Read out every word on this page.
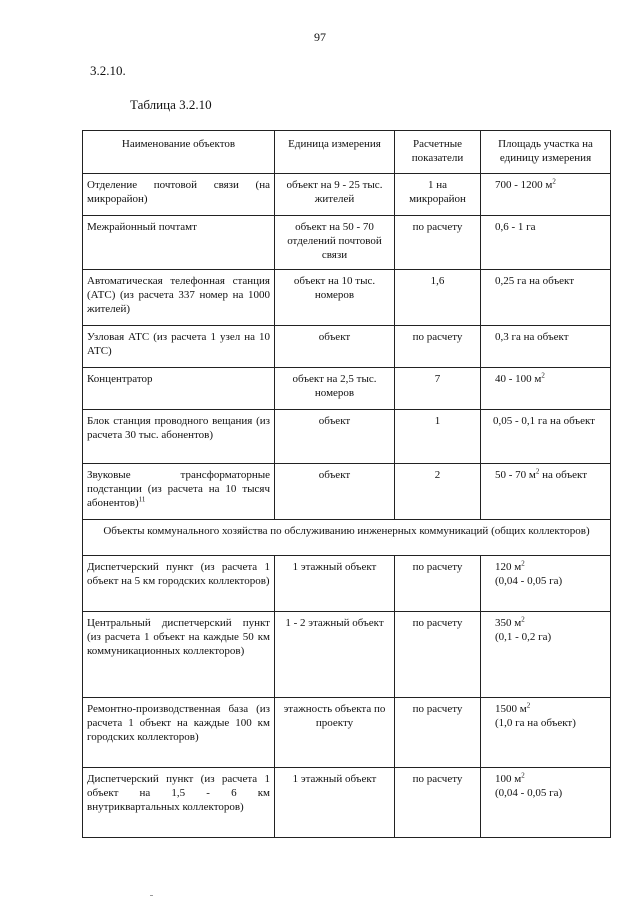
97
3.2.10.
Таблица 3.2.10
Наименование объектов	Единица измерения	Расчетные показатели	Площадь участка на единицу измерения
Отделение почтовой связи (на микрорайон)	объект на 9 - 25 тыс. жителей	1 на микрорайон	700 - 1200 $м^2$
Межрайонный почтамт	объект на 50 - 70 отделений почтовой связи	по расчету	0,6 - 1 га
Автоматическая телефонная станция (АТС) (из расчета 337 номер на 1000 жителей)	объект на 10 тыс. номеров	1,6	0,25 га на объект
Узловая АТС (из расчета 1 узел на 10 АТС)	объект	по расчету	0,3 га на объект
Концентратор	объект на 2,5 тыс. номеров	7	40 - 100 $м^2$
Блок станция проводного вещания (из расчета 30 тыс. абонентов)	объект	1	0,05 - 0,1 га на объект
Звуковые трансформаторные подстанции (из расчета на 10 тысяч абонентов)$^{11}$	объект	2	50 - 70 $м^2$ на объект
Объекты коммунального хозяйства по обслуживанию инженерных коммуникаций (общих коллекторов)			
Диспетчерский пункт (из расчета 1 объект на 5 км городских коллекторов)	1 этажный объект	по расчету	120 $м^2$
(0,04 - 0,05 га)
Центральный диспетчерский пункт (из расчета 1 объект на каждые 50 км коммуникационных коллекторов)	1 - 2 этажный объект	по расчету	350 $м^2$
(0,1 - 0,2 га)
Ремонтно-производственная база (из расчета 1 объект на каждые 100 км городских коллекторов)	этажность объекта по проекту	по расчету	1500 $м^2$
(1,0 га на объект)
Диспетчерский пункт (из расчета 1 объект на 1,5 - 6 км внутриквартальных коллекторов)	1 этажный объект	по расчету	100 $м^2$
(0,04 - 0,05 га)
